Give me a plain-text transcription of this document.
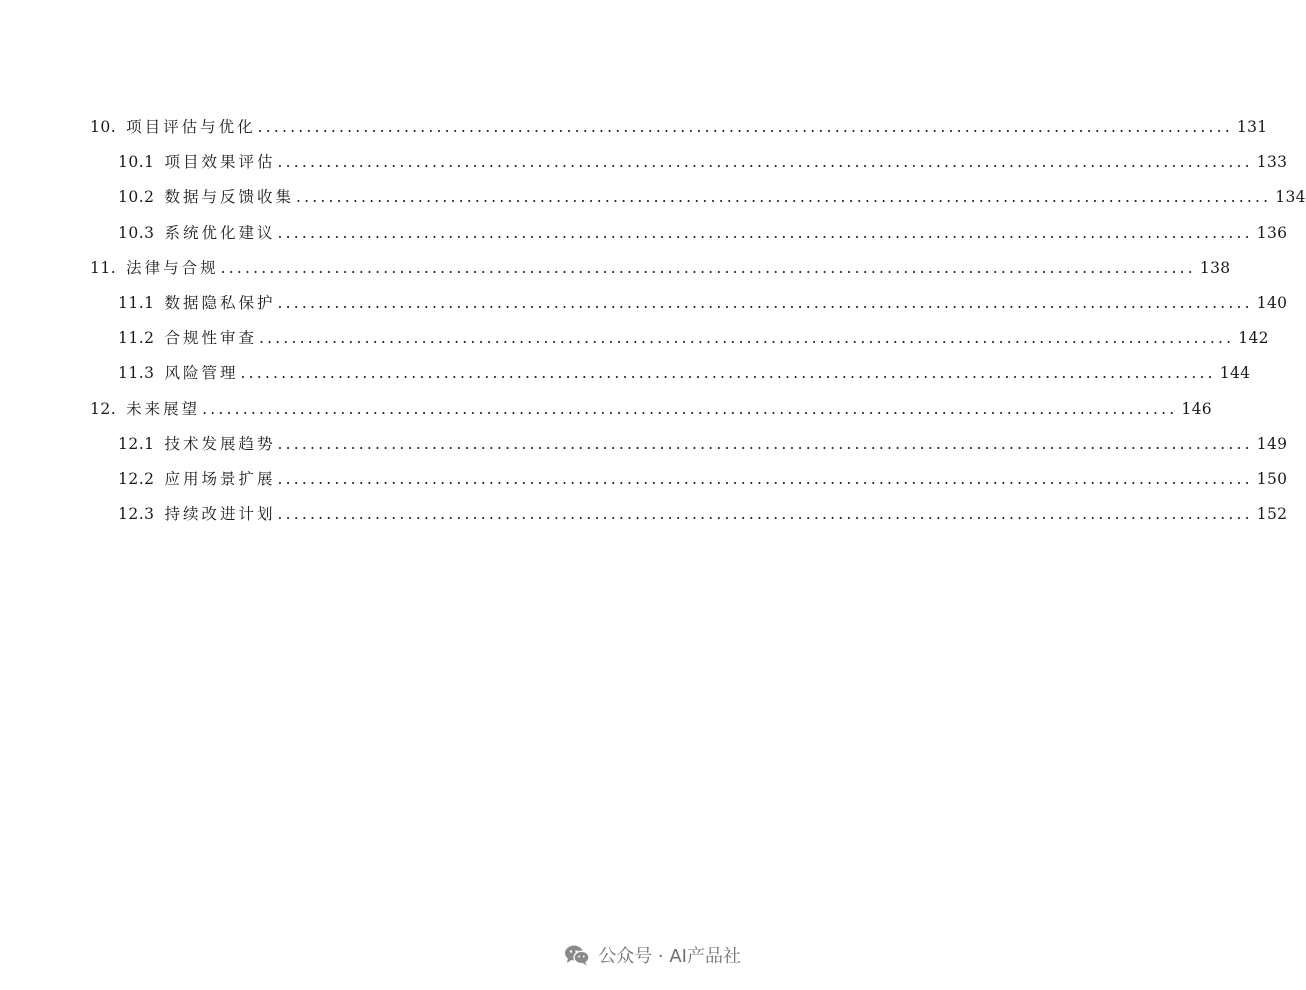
10. 项目评估与优化 ........................................................................................................................ 131
10.1 项目效果评估 ........................................................................................................................ 133
10.2 数据与反馈收集 ........................................................................................................................ 134
10.3 系统优化建议 ........................................................................................................................ 136
11. 法律与合规 ........................................................................................................................ 138
11.1 数据隐私保护 ........................................................................................................................ 140
11.2 合规性审查 ........................................................................................................................ 142
11.3 风险管理 ........................................................................................................................ 144
12. 未来展望 ........................................................................................................................ 146
12.1 技术发展趋势 ........................................................................................................................ 149
12.2 应用场景扩展 ........................................................................................................................ 150
12.3 持续改进计划 ........................................................................................................................ 152
公众号 · AI产品社
